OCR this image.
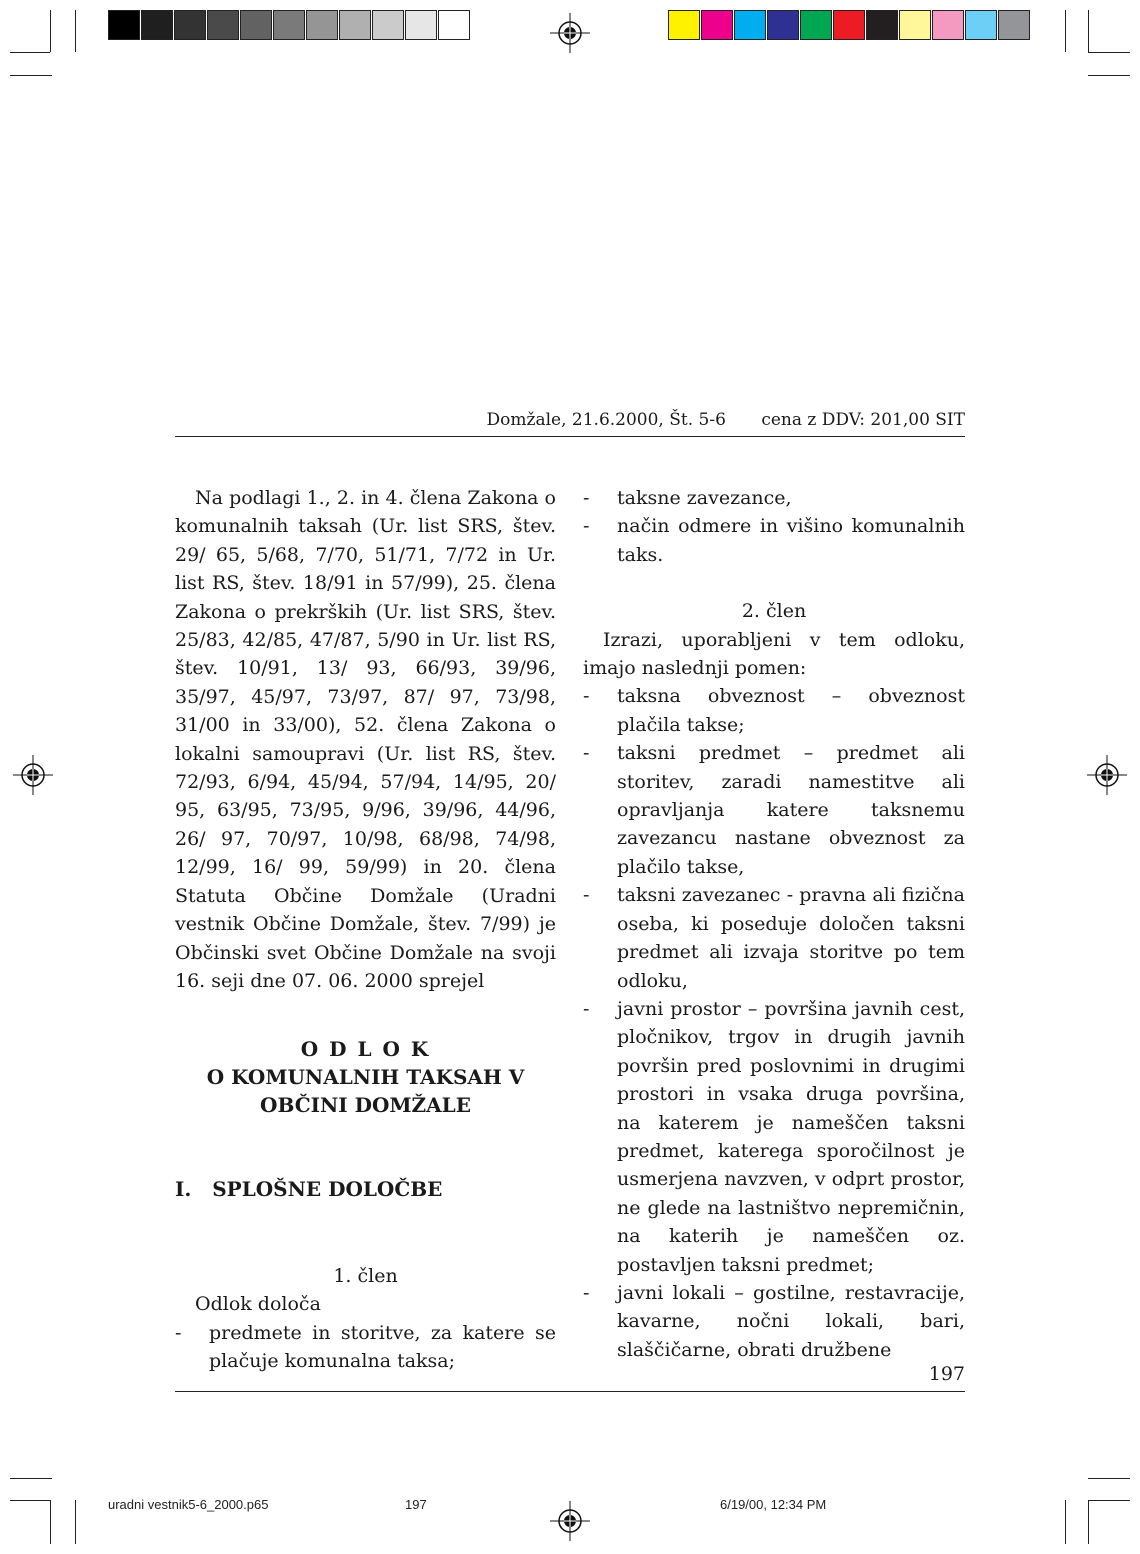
Domžale, 21.6.2000, Št. 5-6 cena z DDV: 201,00 SIT

Na podlagi 1., 2. in 4. člena Zakona o komunalnih taksah (Ur. list SRS, štev. 29/ 65, 5/68, 7/70, 51/71, 7/72 in Ur. list RS, štev. 18/91 in 57/99), 25. člena Zakona o prekrških (Ur. list SRS, štev. 25/83, 42/85, 47/87, 5/90 in Ur. list RS, štev. 10/91, 13/ 93, 66/93, 39/96, 35/97, 45/97, 73/97, 87/ 97, 73/98, 31/00 in 33/00), 52. člena Zakona o lokalni samoupravi (Ur. list RS, štev. 72/93, 6/94, 45/94, 57/94, 14/95, 20/ 95, 63/95, 73/95, 9/96, 39/96, 44/96, 26/ 97, 70/97, 10/98, 68/98, 74/98, 12/99, 16/ 99, 59/99) in 20. člena Statuta Občine Domžale (Uradni vestnik Občine Domžale, štev. 7/99) je Občinski svet Občine Domžale na svoji 16. seji dne 07. 06. 2000 sprejel

O D L O K

O KOMUNALNIH TAKSAH V

OBČINI DOMŽALE

I.   SPLOŠNE DOLOČBE

1. člen

Odlok določa

- predmete in storitve, za katere se plačuje komunalna taksa;
- taksne zavezance,
- način odmere in višino komunalnih taks.

2. člen

Izrazi, uporabljeni v tem odloku, imajo naslednji pomen:

- taksna obveznost – obveznost plačila takse;
- taksni predmet – predmet ali storitev, zaradi namestitve ali opravljanja katere taksnemu zavezancu nastane obveznost za plačilo takse,
- taksni zavezanec - pravna ali fizična oseba, ki poseduje določen taksni predmet ali izvaja storitve po tem odloku,
- javni prostor – površina javnih cest, pločnikov, trgov in drugih javnih površin pred poslovnimi in drugimi prostori in vsaka druga površina, na katerem je nameščen taksni predmet, katerega sporočilnost je usmerjena navzven, v odprt prostor, ne glede na lastništvo nepremičnin, na katerih je nameščen oz. postavljen taksni predmet;
- javni lokali – gostilne, restavracije, kavarne, nočni lokali, bari, slaščičarne, obrati družbene
197
uradni vestnik5-6_2000.p65	197	6/19/00, 12:34 PM
